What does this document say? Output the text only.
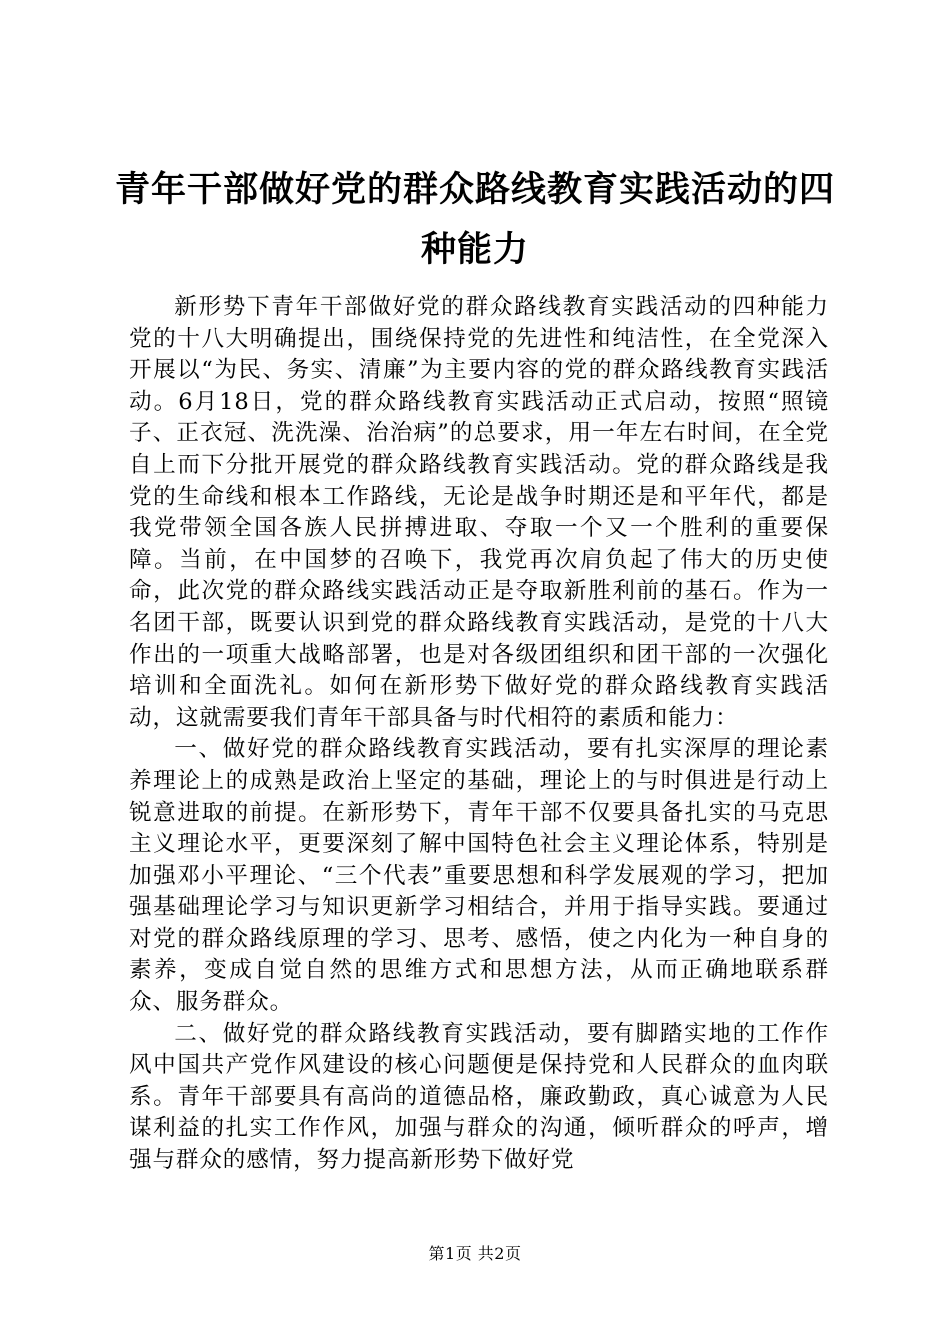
青年干部做好党的群众路线教育实践活动的四种能力

新形势下青年干部做好党的群众路线教育实践活动的四种能力党的十八大明确提出，围绕保持党的先进性和纯洁性，在全党深入开展以“为民、务实、清廉”为主要内容的党的群众路线教育实践活动。6月18日，党的群众路线教育实践活动正式启动，按照“照镜子、正衣冠、洗洗澡、治治病”的总要求，用一年左右时间，在全党自上而下分批开展党的群众路线教育实践活动。党的群众路线是我党的生命线和根本工作路线，无论是战争时期还是和平年代，都是我党带领全国各族人民拼搏进取、夺取一个又一个胜利的重要保障。当前，在中国梦的召唤下，我党再次肩负起了伟大的历史使命，此次党的群众路线实践活动正是夺取新胜利前的基石。作为一名团干部，既要认识到党的群众路线教育实践活动，是党的十八大作出的一项重大战略部署，也是对各级团组织和团干部的一次强化培训和全面洗礼。如何在新形势下做好党的群众路线教育实践活动，这就需要我们青年干部具备与时代相符的素质和能力：

一、做好党的群众路线教育实践活动，要有扎实深厚的理论素养理论上的成熟是政治上坚定的基础，理论上的与时俱进是行动上锐意进取的前提。在新形势下，青年干部不仅要具备扎实的马克思主义理论水平，更要深刻了解中国特色社会主义理论体系，特别是加强邓小平理论、“三个代表”重要思想和科学发展观的学习，把加强基础理论学习与知识更新学习相结合，并用于指导实践。要通过对党的群众路线原理的学习、思考、感悟，使之内化为一种自身的素养，变成自觉自然的思维方式和思想方法，从而正确地联系群众、服务群众。

二、做好党的群众路线教育实践活动，要有脚踏实地的工作作风中国共产党作风建设的核心问题便是保持党和人民群众的血肉联系。青年干部要具有高尚的道德品格，廉政勤政，真心诚意为人民谋利益的扎实工作作风，加强与群众的沟通，倾听群众的呼声，增强与群众的感情，努力提高新形势下做好党

第1页 共2页
